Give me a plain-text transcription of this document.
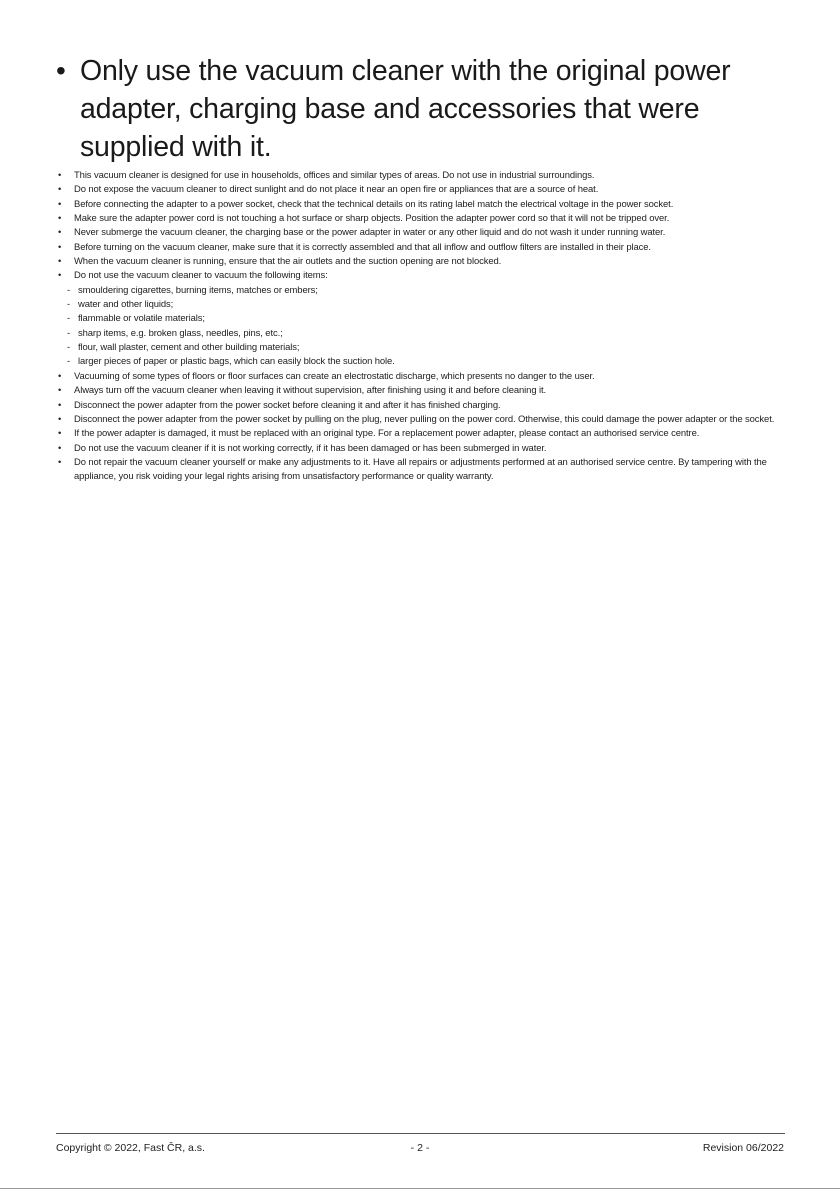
• Only use the vacuum cleaner with the original power adapter, charging base and accessories that were supplied with it.
• This vacuum cleaner is designed for use in households, offices and similar types of areas. Do not use in industrial surroundings.
• Do not expose the vacuum cleaner to direct sunlight and do not place it near an open fire or appliances that are a source of heat.
• Before connecting the adapter to a power socket, check that the technical details on its rating label match the electrical voltage in the power socket.
• Make sure the adapter power cord is not touching a hot surface or sharp objects. Position the adapter power cord so that it will not be tripped over.
• Never submerge the vacuum cleaner, the charging base or the power adapter in water or any other liquid and do not wash it under running water.
• Before turning on the vacuum cleaner, make sure that it is correctly assembled and that all inflow and outflow filters are installed in their place.
• When the vacuum cleaner is running, ensure that the air outlets and the suction opening are not blocked.
• Do not use the vacuum cleaner to vacuum the following items:
- smouldering cigarettes, burning items, matches or embers;
- water and other liquids;
- flammable or volatile materials;
- sharp items, e.g. broken glass, needles, pins, etc.;
- flour, wall plaster, cement and other building materials;
- larger pieces of paper or plastic bags, which can easily block the suction hole.
• Vacuuming of some types of floors or floor surfaces can create an electrostatic discharge, which presents no danger to the user.
• Always turn off the vacuum cleaner when leaving it without supervision, after finishing using it and before cleaning it.
• Disconnect the power adapter from the power socket before cleaning it and after it has finished charging.
• Disconnect the power adapter from the power socket by pulling on the plug, never pulling on the power cord. Otherwise, this could damage the power adapter or the socket.
• If the power adapter is damaged, it must be replaced with an original type. For a replacement power adapter, please contact an authorised service centre.
• Do not use the vacuum cleaner if it is not working correctly, if it has been damaged or has been submerged in water.
• Do not repair the vacuum cleaner yourself or make any adjustments to it. Have all repairs or adjustments performed at an authorised service centre. By tampering with the appliance, you risk voiding your legal rights arising from unsatisfactory performance or quality warranty.
Copyright © 2022, Fast ČR, a.s.	- 2 -	Revision 06/2022
